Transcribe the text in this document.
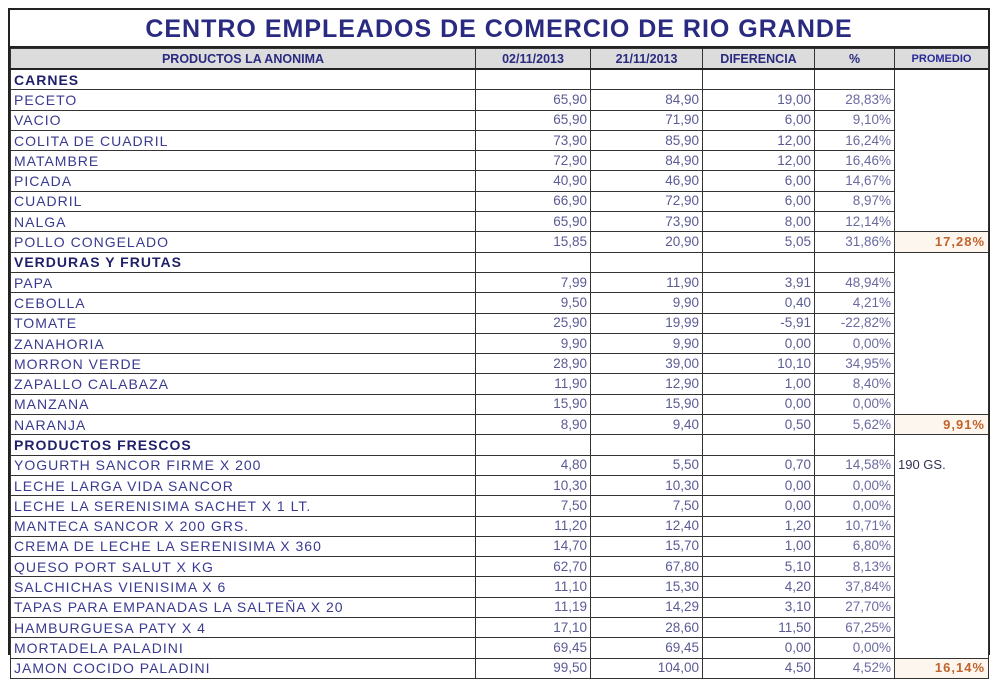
CENTRO EMPLEADOS DE COMERCIO DE RIO GRANDE
PRODUCTOS LA ANONIMA	02/11/2013	21/11/2013	DIFERENCIA	%	PROMEDIO
CARNES					
PECETO	65,90	84,90	19,00	28,83%	
VACIO	65,90	71,90	6,00	9,10%	
COLITA DE CUADRIL	73,90	85,90	12,00	16,24%	
MATAMBRE	72,90	84,90	12,00	16,46%	
PICADA	40,90	46,90	6,00	14,67%	
CUADRIL	66,90	72,90	6,00	8,97%	
NALGA	65,90	73,90	8,00	12,14%	
POLLO CONGELADO	15,85	20,90	5,05	31,86%	17,28%
VERDURAS Y FRUTAS					
PAPA	7,99	11,90	3,91	48,94%	
CEBOLLA	9,50	9,90	0,40	4,21%	
TOMATE	25,90	19,99	-5,91	-22,82%	
ZANAHORIA	9,90	9,90	0,00	0,00%	
MORRON VERDE	28,90	39,00	10,10	34,95%	
ZAPALLO CALABAZA	11,90	12,90	1,00	8,40%	
MANZANA	15,90	15,90	0,00	0,00%	
NARANJA	8,90	9,40	0,50	5,62%	9,91%
PRODUCTOS FRESCOS					
YOGURTH SANCOR FIRME X 200	4,80	5,50	0,70	14,58%	190 GS.
LECHE LARGA VIDA SANCOR	10,30	10,30	0,00	0,00%	
LECHE LA SERENISIMA SACHET X 1 LT.	7,50	7,50	0,00	0,00%	
MANTECA SANCOR X 200 GRS.	11,20	12,40	1,20	10,71%	
CREMA DE LECHE LA SERENISIMA X 360	14,70	15,70	1,00	6,80%	
QUESO PORT SALUT X KG	62,70	67,80	5,10	8,13%	
SALCHICHAS VIENISIMA X 6	11,10	15,30	4,20	37,84%	
TAPAS PARA EMPANADAS LA SALTEÑA X 20	11,19	14,29	3,10	27,70%	
HAMBURGUESA PATY X 4	17,10	28,60	11,50	67,25%	
MORTADELA PALADINI	69,45	69,45	0,00	0,00%	
JAMON COCIDO PALADINI	99,50	104,00	4,50	4,52%	16,14%
